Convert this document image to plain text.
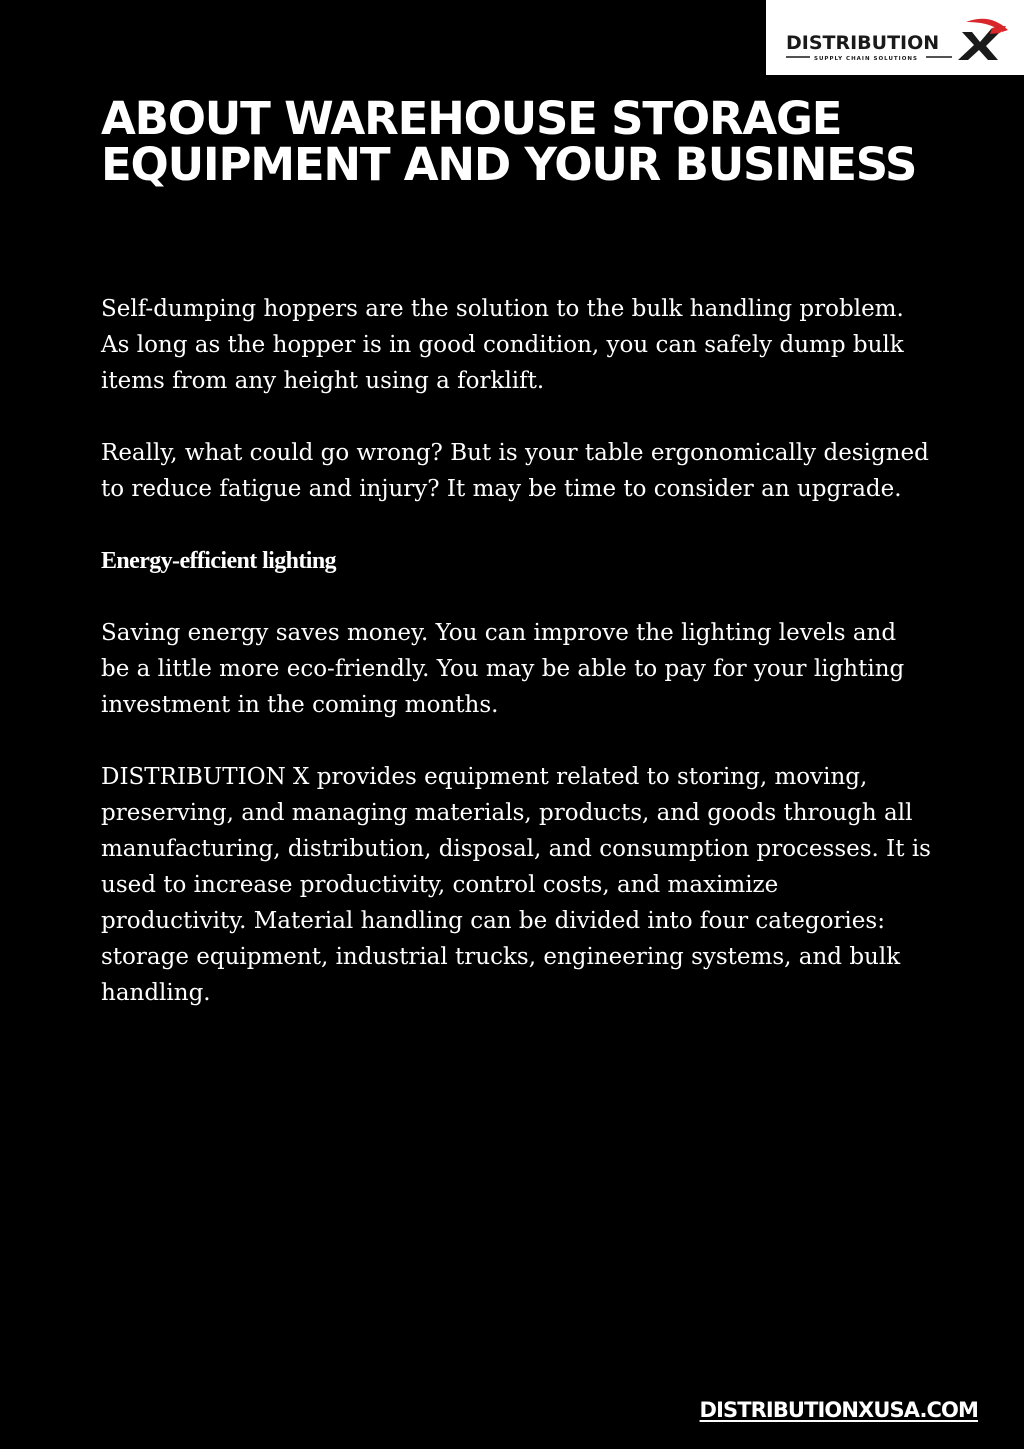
DISTRIBUTION
SUPPLY CHAIN SOLUTIONS
ABOUT WAREHOUSE STORAGE
EQUIPMENT AND YOUR BUSINESS

Self-dumping hoppers are the solution to the bulk handling problem.
As long as the hopper is in good condition, you can safely dump bulk
items from any height using a forklift.

Really, what could go wrong? But is your table ergonomically designed
to reduce fatigue and injury? It may be time to consider an upgrade.

Energy-efficient lighting

Saving energy saves money. You can improve the lighting levels and
be a little more eco-friendly. You may be able to pay for your lighting
investment in the coming months.

DISTRIBUTION X provides equipment related to storing, moving,
preserving, and managing materials, products, and goods through all
manufacturing, distribution, disposal, and consumption processes. It is
used to increase productivity, control costs, and maximize
productivity. Material handling can be divided into four categories:
storage equipment, industrial trucks, engineering systems, and bulk
handling.

DISTRIBUTIONXUSA.COM
